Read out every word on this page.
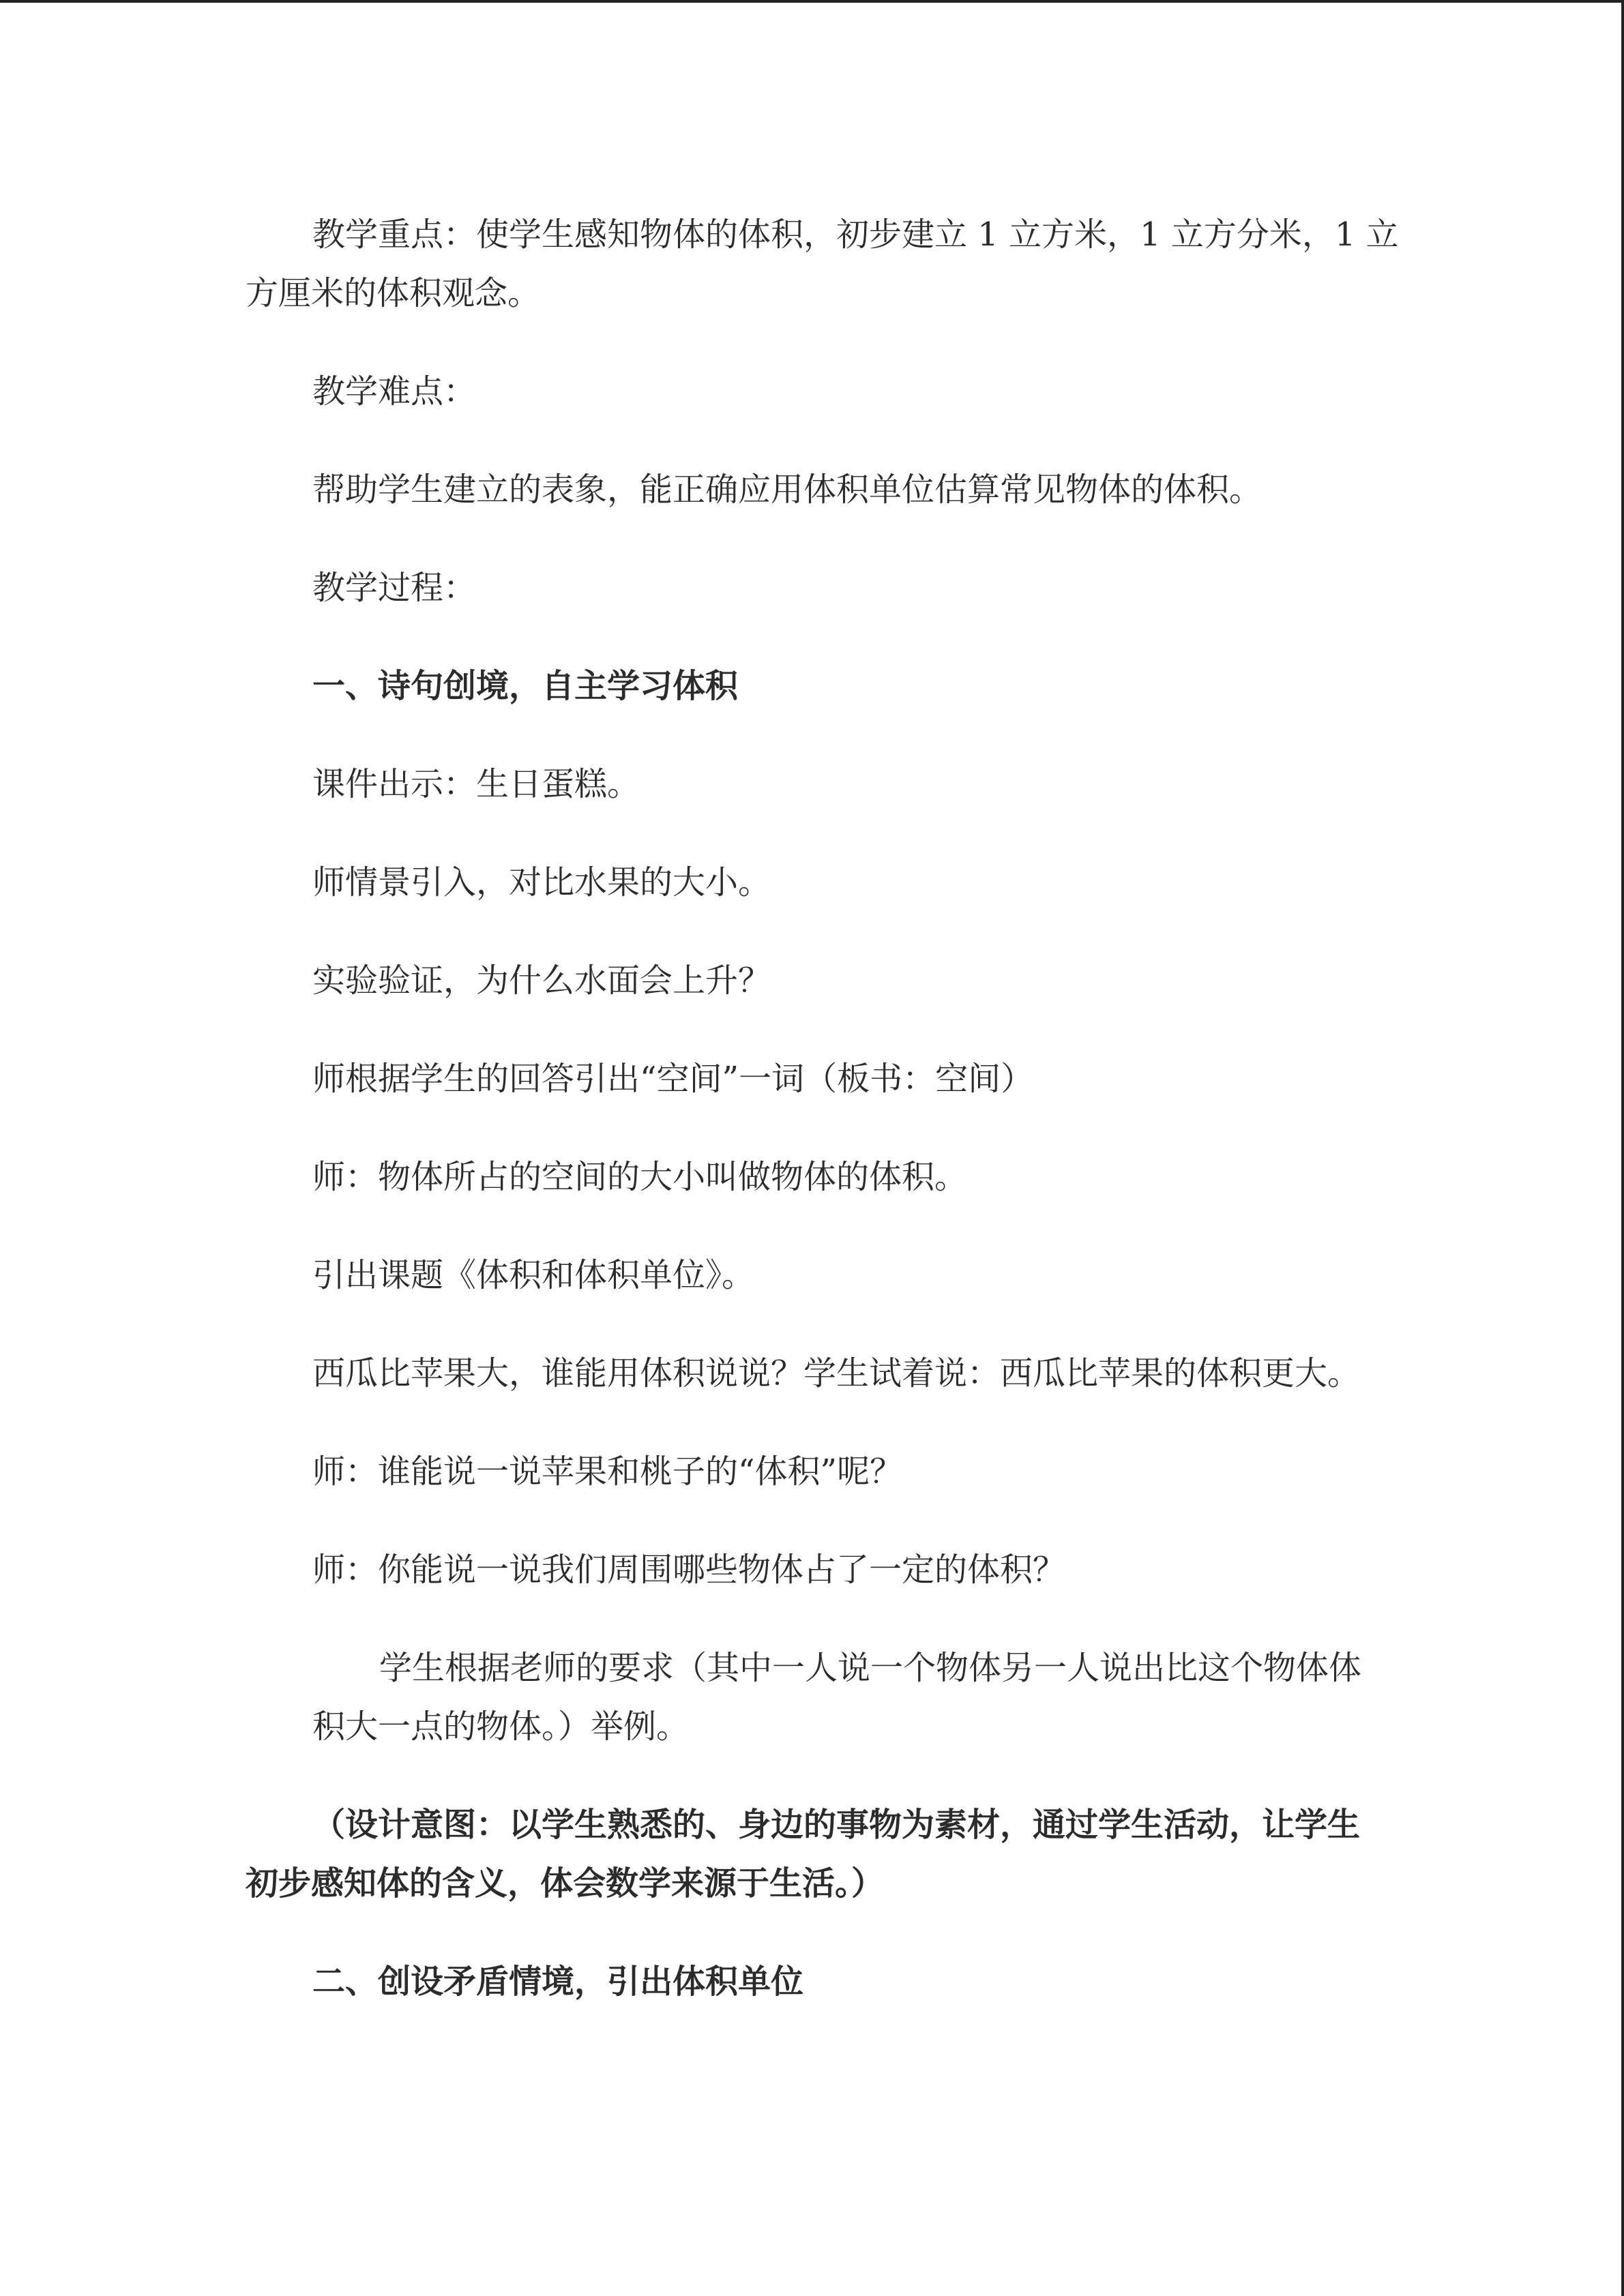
教学重点：使学生感知物体的体积，初步建立 1 立方米，1 立方分米，1 立
方厘米的体积观念。
教学难点：
帮助学生建立的表象，能正确应用体积单位估算常见物体的体积。
教学过程：
一、诗句创境，自主学习体积
课件出示：生日蛋糕。
师情景引入，对比水果的大小。
实验验证，为什么水面会上升？
师根据学生的回答引出“空间”一词（板书：空间）
师：物体所占的空间的大小叫做物体的体积。
引出课题《体积和体积单位》。
西瓜比苹果大，谁能用体积说说？学生试着说：西瓜比苹果的体积更大。
师：谁能说一说苹果和桃子的“体积”呢？
师：你能说一说我们周围哪些物体占了一定的体积？
学生根据老师的要求（其中一人说一个物体另一人说出比这个物体体
积大一点的物体。）举例。
（设计意图：以学生熟悉的、身边的事物为素材，通过学生活动，让学生
初步感知体的含义，体会数学来源于生活。）
二、创设矛盾情境，引出体积单位
